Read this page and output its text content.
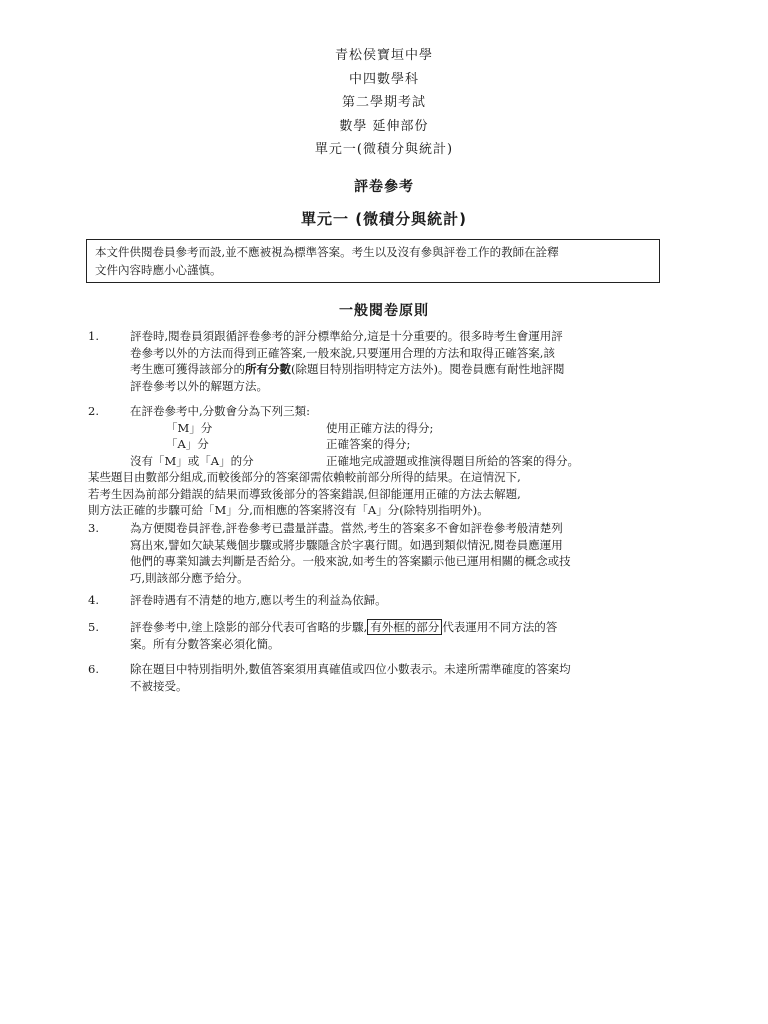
青松侯寶垣中學
中四數學科
第二學期考試
數學 延伸部份
單元一(微積分與統計)
評卷參考
單元一 (微積分與統計)
本文件供閱卷員參考而設,並不應被視為標準答案。考生以及沒有參與評卷工作的教師在詮釋
文件內容時應小心謹慎。
一般閱卷原則
1.	評卷時,閱卷員須跟循評卷參考的評分標準給分,這是十分重要的。很多時考生會運用評
卷參考以外的方法而得到正確答案,一般來說,只要運用合理的方法和取得正確答案,該
考生應可獲得該部分的所有分數(除題目特別指明特定方法外)。閱卷員應有耐性地評閱
評卷參考以外的解題方法。
2.	在評卷參考中,分數會分為下列三類:
「M」分	使用正確方法的得分;
「A」分	正確答案的得分;
沒有「M」或「A」的分	正確地完成證題或推演得題目所給的答案的得分。
某些題目由數部分組成,而較後部分的答案卻需依賴較前部分所得的結果。在這情況下,
若考生因為前部分錯誤的結果而導致後部分的答案錯誤,但卻能運用正確的方法去解題,
則方法正確的步驟可給「M」分,而相應的答案將沒有「A」分(除特別指明外)。
3.	為方便閱卷員評卷,評卷參考已盡量詳盡。當然,考生的答案多不會如評卷參考般清楚列
寫出來,譬如欠缺某幾個步驟或將步驟隱含於字裏行間。如遇到類似情況,閱卷員應運用
他們的專業知識去判斷是否給分。一般來說,如考生的答案顯示他已運用相關的概念或技
巧,則該部分應予給分。
4.	評卷時遇有不清楚的地方,應以考生的利益為依歸。
5.	評卷參考中,塗上陰影的部分代表可省略的步驟, 有外框的部分 代表運用不同方法的答
案。所有分數答案必須化簡。
6.	除在題目中特別指明外,數值答案須用真確值或四位小數表示。未達所需準確度的答案均
不被接受。
